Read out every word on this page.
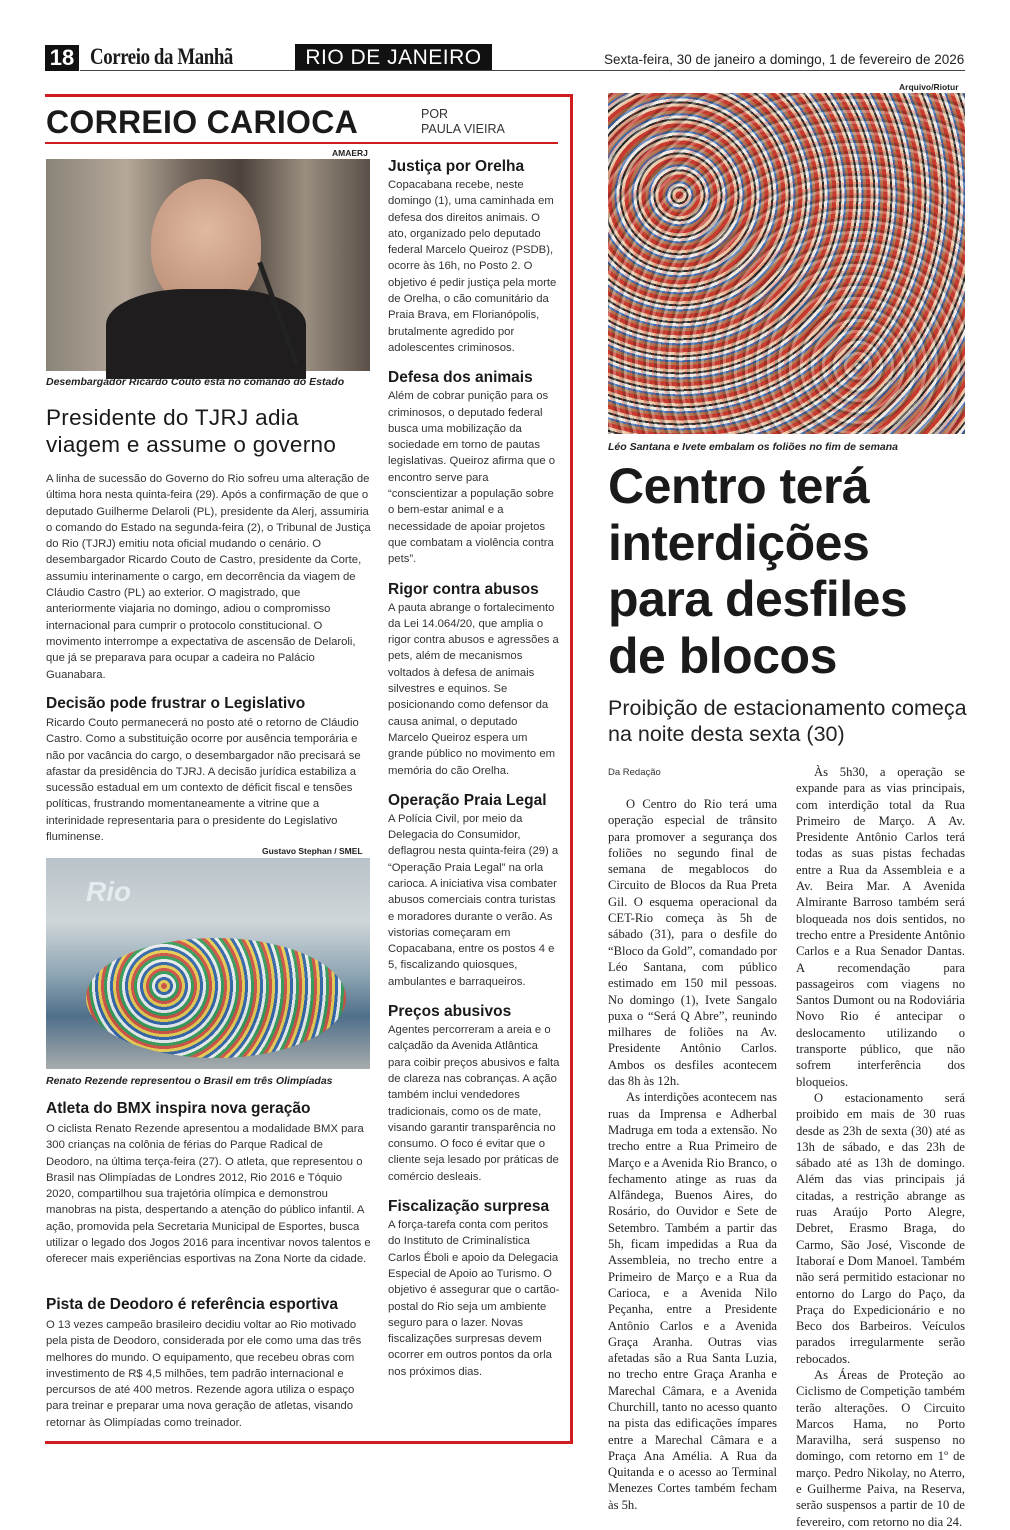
18 Correio da Manhã	RIO DE JANEIRO	Sexta-feira, 30 de janeiro a domingo, 1 de fevereiro de 2026
CORREIO CARIOCA	POR
PAULA VIEIRA
AMAERJ
Desembargador Ricardo Couto está no comando do Estado
Presidente do TJRJ adia viagem e assume o governo
A linha de sucessão do Governo do Rio sofreu uma alteração de última hora nesta quinta-feira (29). Após a confirmação de que o deputado Guilherme Delaroli (PL), presidente da Alerj, assumiria o comando do Estado na segunda-feira (2), o Tribunal de Justiça do Rio (TJRJ) emitiu nota oficial mudando o cenário. O desembargador Ricardo Couto de Castro, presidente da Corte, assumiu interinamente o cargo, em decorrência da viagem de Cláudio Castro (PL) ao exterior. O magistrado, que anteriormente viajaria no domingo, adiou o compromisso internacional para cumprir o protocolo constitucional. O movimento interrompe a expectativa de ascensão de Delaroli, que já se preparava para ocupar a cadeira no Palácio Guanabara.
Decisão pode frustrar o Legislativo
Ricardo Couto permanecerá no posto até o retorno de Cláudio Castro. Como a substituição ocorre por ausência temporária e não por vacância do cargo, o desembargador não precisará se afastar da presidência do TJRJ. A decisão jurídica estabiliza a sucessão estadual em um contexto de déficit fiscal e tensões políticas, frustrando momentaneamente a vitrine que a interinidade representaria para o presidente do Legislativo fluminense.
Gustavo Stephan / SMEL
Rio
Renato Rezende representou o Brasil em três Olimpíadas
Atleta do BMX inspira nova geração
O ciclista Renato Rezende apresentou a modalidade BMX para 300 crianças na colônia de férias do Parque Radical de Deodoro, na última terça-feira (27). O atleta, que representou o Brasil nas Olimpíadas de Londres 2012, Rio 2016 e Tóquio 2020, compartilhou sua trajetória olímpica e demonstrou manobras na pista, despertando a atenção do público infantil. A ação, promovida pela Secretaria Municipal de Esportes, busca utilizar o legado dos Jogos 2016 para incentivar novos talentos e oferecer mais experiências esportivas na Zona Norte da cidade.
Pista de Deodoro é referência esportiva
O 13 vezes campeão brasileiro decidiu voltar ao Rio motivado pela pista de Deodoro, considerada por ele como uma das três melhores do mundo. O equipamento, que recebeu obras com investimento de R$ 4,5 milhões, tem padrão internacional e percursos de até 400 metros. Rezende agora utiliza o espaço para treinar e preparar uma nova geração de atletas, visando retornar às Olimpíadas como treinador.
Justiça por Orelha
Copacabana recebe, neste domingo (1), uma caminhada em defesa dos direitos animais. O ato, organizado pelo deputado federal Marcelo Queiroz (PSDB), ocorre às 16h, no Posto 2. O objetivo é pedir justiça pela morte de Orelha, o cão comunitário da Praia Brava, em Florianópolis, brutalmente agredido por adolescentes criminosos.
Defesa dos animais
Além de cobrar punição para os criminosos, o deputado federal busca uma mobilização da sociedade em torno de pautas legislativas. Queiroz afirma que o encontro serve para “conscientizar a população sobre o bem-estar animal e a necessidade de apoiar projetos que combatam a violência contra pets”.
Rigor contra abusos
A pauta abrange o fortalecimento da Lei 14.064/20, que amplia o rigor contra abusos e agressões a pets, além de mecanismos voltados à defesa de animais silvestres e equinos. Se posicionando como defensor da causa animal, o deputado Marcelo Queiroz espera um grande público no movimento em memória do cão Orelha.
Operação Praia Legal
A Polícia Civil, por meio da Delegacia do Consumidor, deflagrou nesta quinta-feira (29) a “Operação Praia Legal” na orla carioca. A iniciativa visa combater abusos comerciais contra turistas e moradores durante o verão. As vistorias começaram em Copacabana, entre os postos 4 e 5, fiscalizando quiosques, ambulantes e barraqueiros.
Preços abusivos
Agentes percorreram a areia e o calçadão da Avenida Atlântica para coibir preços abusivos e falta de clareza nas cobranças. A ação também inclui vendedores tradicionais, como os de mate, visando garantir transparência no consumo. O foco é evitar que o cliente seja lesado por práticas de comércio desleais.
Fiscalização surpresa
A força-tarefa conta com peritos do Instituto de Criminalística Carlos Éboli e apoio da Delegacia Especial de Apoio ao Turismo. O objetivo é assegurar que o cartão-postal do Rio seja um ambiente seguro para o lazer. Novas fiscalizações surpresas devem ocorrer em outros pontos da orla nos próximos dias.
Arquivo/Riotur
Léo Santana e Ivete embalam os foliões no fim de semana
Centro terá interdições para desfiles de blocos
Proibição de estacionamento começa na noite desta sexta (30)
Da Redação

O Centro do Rio terá uma operação especial de trânsito para promover a segurança dos foliões no segundo final de semana de megablocos do Circuito de Blocos da Rua Preta Gil. O esquema operacional da CET-Rio começa às 5h de sábado (31), para o desfile do “Bloco da Gold”, comandado por Léo Santana, com público estimado em 150 mil pessoas. No domingo (1), Ivete Sangalo puxa o “Será Q Abre”, reunindo milhares de foliões na Av. Presidente Antônio Carlos. Ambos os desfiles acontecem das 8h às 12h.

As interdições acontecem nas ruas da Imprensa e Adherbal Madruga em toda a extensão. No trecho entre a Rua Primeiro de Março e a Avenida Rio Branco, o fechamento atinge as ruas da Alfândega, Buenos Aires, do Rosário, do Ouvidor e Sete de Setembro. Também a partir das 5h, ficam impedidas a Rua da Assembleia, no trecho entre a Primeiro de Março e a Rua da Carioca, e a Avenida Nilo Peçanha, entre a Presidente Antônio Carlos e a Avenida Graça Aranha. Outras vias afetadas são a Rua Santa Luzia, no trecho entre Graça Aranha e Marechal Câmara, e a Avenida Churchill, tanto no acesso quanto na pista das edificações ímpares entre a Marechal Câmara e a Praça Ana Amélia. A Rua da Quitanda e o acesso ao Terminal Menezes Cortes também fecham às 5h.

Às 5h30, a operação se expande para as vias principais, com interdição total da Rua Primeiro de Março. A Av. Presidente Antônio Carlos terá todas as suas pistas fechadas entre a Rua da Assembleia e a Av. Beira Mar. A Avenida Almirante Barroso também será bloqueada nos dois sentidos, no trecho entre a Presidente Antônio Carlos e a Rua Senador Dantas. A recomendação para passageiros com viagens no Santos Dumont ou na Rodoviária Novo Rio é antecipar o deslocamento utilizando o transporte público, que não sofrem interferência dos bloqueios.

O estacionamento será proibido em mais de 30 ruas desde as 23h de sexta (30) até as 13h de sábado, e das 23h de sábado até as 13h de domingo. Além das vias principais já citadas, a restrição abrange as ruas Araújo Porto Alegre, Debret, Erasmo Braga, do Carmo, São José, Visconde de Itaboraí e Dom Manoel. Também não será permitido estacionar no entorno do Largo do Paço, da Praça do Expedicionário e no Beco dos Barbeiros. Veículos parados irregularmente serão rebocados.

As Áreas de Proteção ao Ciclismo de Competição também terão alterações. O Circuito Marcos Hama, no Porto Maravilha, será suspenso no domingo, com retorno em 1º de março. Pedro Nikolay, no Aterro, e Guilherme Paiva, na Reserva, serão suspensos a partir de 10 de fevereiro, com retorno no dia 24.
